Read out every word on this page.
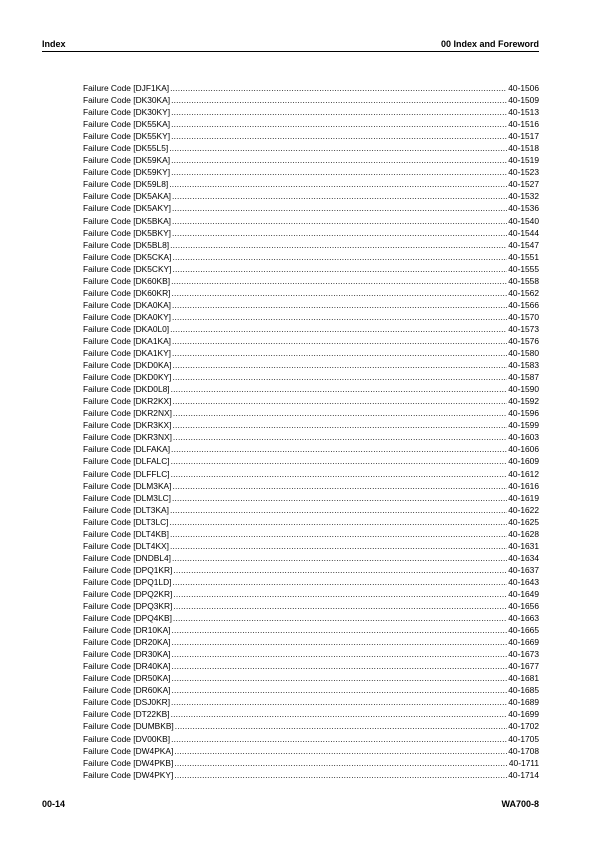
Index	00 Index and Foreword
Failure Code [DJF1KA] .....	40-1506
Failure Code [DK30KA] .....	40-1509
Failure Code [DK30KY] .....	40-1513
Failure Code [DK55KA] .....	40-1516
Failure Code [DK55KY] .....	40-1517
Failure Code [DK55L5] .....	40-1518
Failure Code [DK59KA] .....	40-1519
Failure Code [DK59KY] .....	40-1523
Failure Code [DK59L8] .....	40-1527
Failure Code [DK5AKA] .....	40-1532
Failure Code [DK5AKY] .....	40-1536
Failure Code [DK5BKA] .....	40-1540
Failure Code [DK5BKY] .....	40-1544
Failure Code [DK5BL8] .....	40-1547
Failure Code [DK5CKA] .....	40-1551
Failure Code [DK5CKY] .....	40-1555
Failure Code [DK60KB] .....	40-1558
Failure Code [DK60KR] .....	40-1562
Failure Code [DKA0KA] .....	40-1566
Failure Code [DKA0KY] .....	40-1570
Failure Code [DKA0L0] .....	40-1573
Failure Code [DKA1KA] .....	40-1576
Failure Code [DKA1KY] .....	40-1580
Failure Code [DKD0KA] .....	40-1583
Failure Code [DKD0KY] .....	40-1587
Failure Code [DKD0L8] .....	40-1590
Failure Code [DKR2KX] .....	40-1592
Failure Code [DKR2NX] .....	40-1596
Failure Code [DKR3KX] .....	40-1599
Failure Code [DKR3NX] .....	40-1603
Failure Code [DLFAKA] .....	40-1606
Failure Code [DLFALC] .....	40-1609
Failure Code [DLFFLC] .....	40-1612
Failure Code [DLM3KA] .....	40-1616
Failure Code [DLM3LC] .....	40-1619
Failure Code [DLT3KA] .....	40-1622
Failure Code [DLT3LC] .....	40-1625
Failure Code [DLT4KB] .....	40-1628
Failure Code [DLT4KX] .....	40-1631
Failure Code [DNDBL4] .....	40-1634
Failure Code [DPQ1KR] .....	40-1637
Failure Code [DPQ1LD] .....	40-1643
Failure Code [DPQ2KR] .....	40-1649
Failure Code [DPQ3KR] .....	40-1656
Failure Code [DPQ4KB] .....	40-1663
Failure Code [DR10KA] .....	40-1665
Failure Code [DR20KA] .....	40-1669
Failure Code [DR30KA] .....	40-1673
Failure Code [DR40KA] .....	40-1677
Failure Code [DR50KA] .....	40-1681
Failure Code [DR60KA] .....	40-1685
Failure Code [DSJ0KR] .....	40-1689
Failure Code [DT22KB] .....	40-1699
Failure Code [DUMBKB] .....	40-1702
Failure Code [DV00KB] .....	40-1705
Failure Code [DW4PKA] .....	40-1708
Failure Code [DW4PKB] .....	40-1711
Failure Code [DW4PKY] .....	40-1714
00-14	WA700-8
